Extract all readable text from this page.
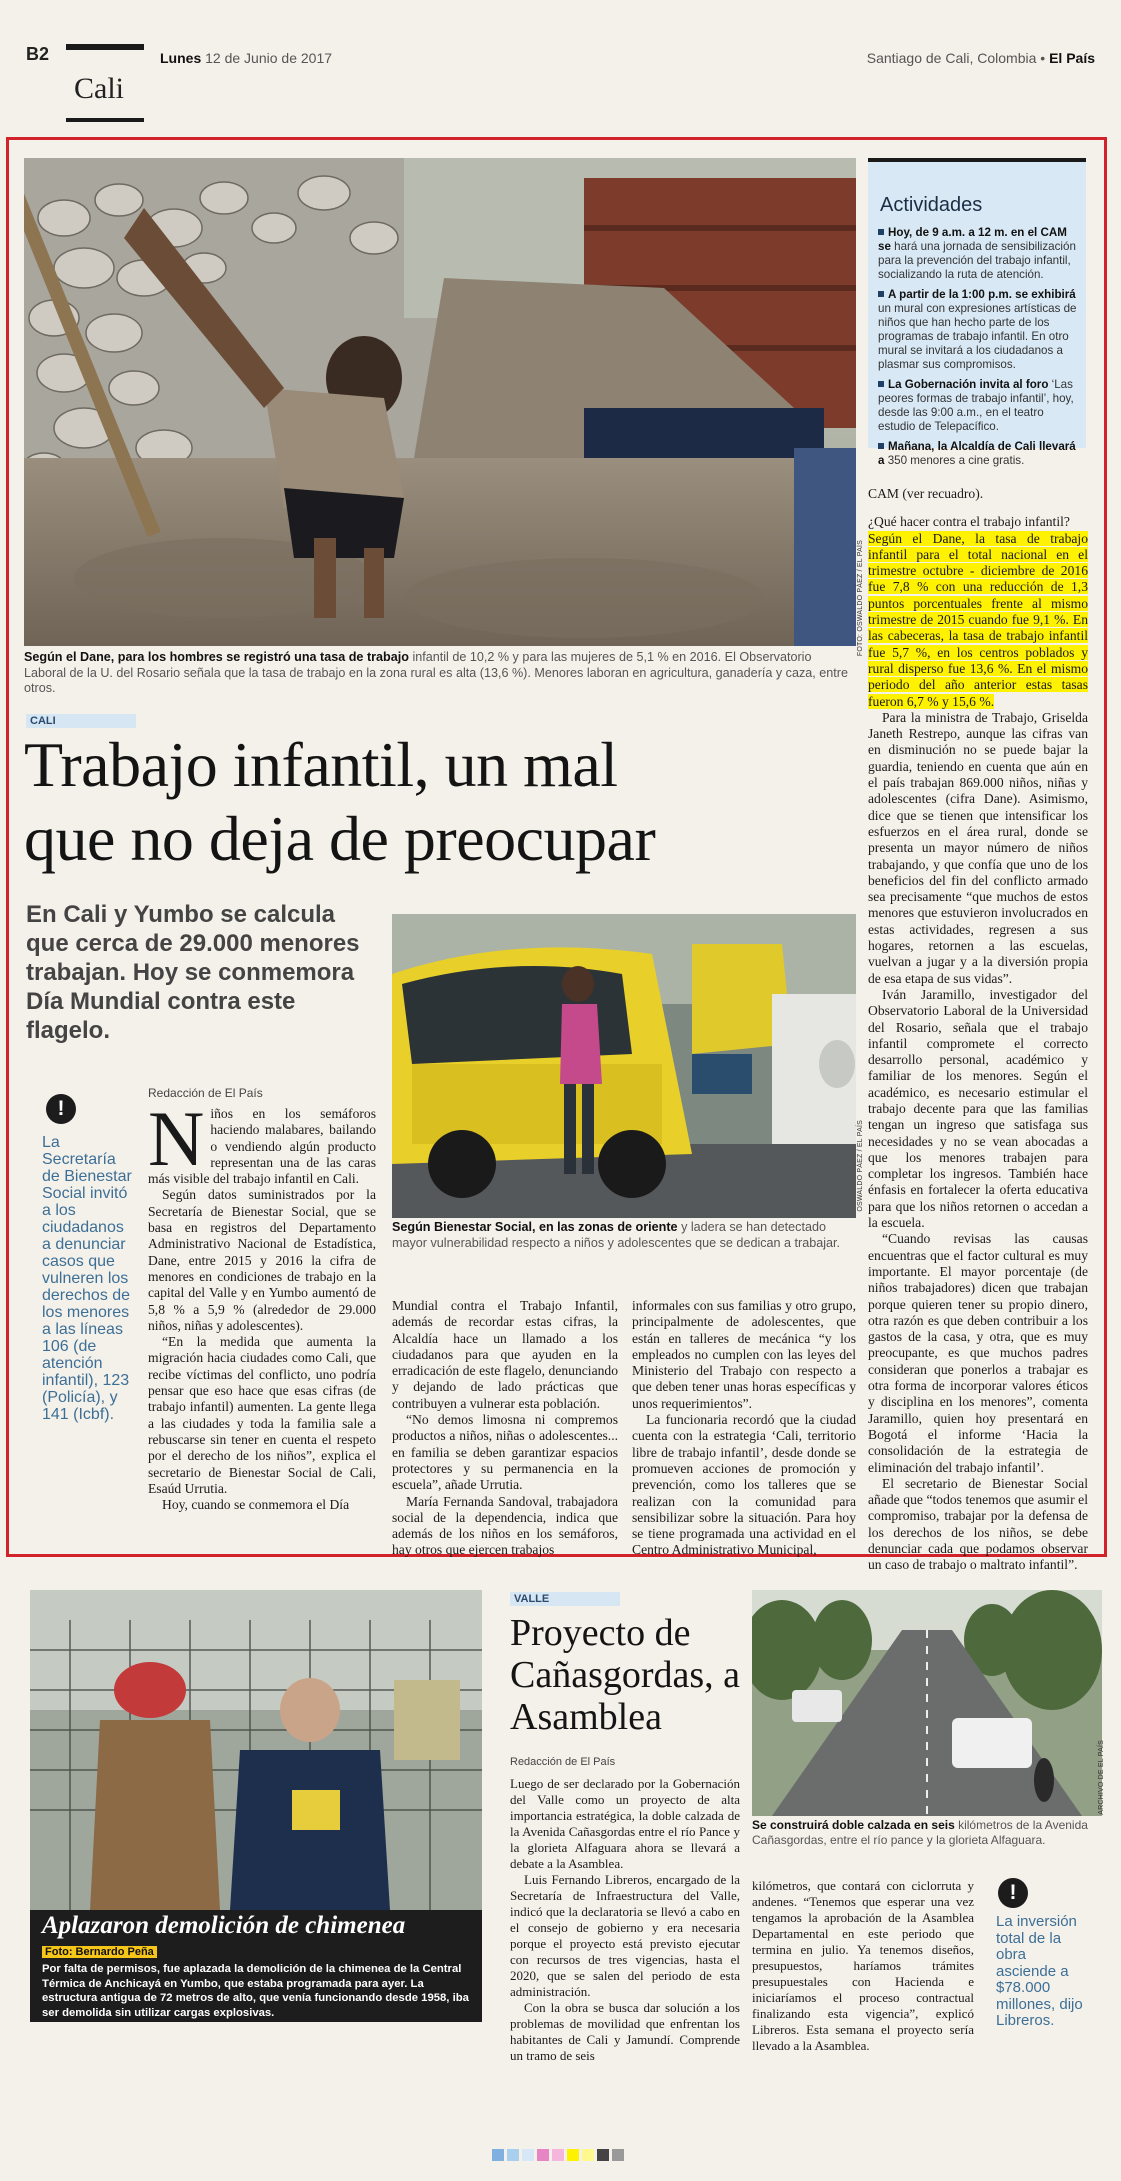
B2
Cali
Lunes 12 de Junio de 2017	Santiago de Cali, Colombia • El País
FOTO: OSWALDO PÁEZ / EL PAÍS
Actividades
Hoy, de 9 a.m. a 12 m. en el CAM se hará una jornada de sensibilización para la prevención del trabajo infantil, socializando la ruta de atención.
A partir de la 1:00 p.m. se exhibirá un mural con expresiones artísticas de niños que han hecho parte de los programas de trabajo infantil. En otro mural se invitará a los ciudadanos a plasmar sus compromisos.
La Gobernación invita al foro ‘Las peores formas de trabajo infantil’, hoy, desde las 9:00 a.m., en el teatro estudio de Telepacífico.
Mañana, la Alcaldía de Cali llevará a 350 menores a cine gratis.
Según el Dane, para los hombres se registró una tasa de trabajo infantil de 10,2 % y para las mujeres de 5,1 % en 2016. El Observatorio Laboral de la U. del Rosario señala que la tasa de trabajo en la zona rural es alta (13,6 %). Menores laboran en agricultura, ganadería y caza, entre otros.
CALI
Trabajo infantil, un mal
que no deja de preocupar
En Cali y Yumbo se calcula que cerca de 29.000 menores trabajan. Hoy se conmemora Día Mundial contra este flagelo.
OSWALDO PÁEZ / EL PAÍS
Según Bienestar Social, en las zonas de oriente y ladera se han detectado mayor vulnerabilidad respecto a niños y adolescentes que se dedican a trabajar.
Redacción de El País
!
La Secretaría de Bienestar Social invitó a los ciudadanos a denunciar casos que vulneren los derechos de los menores a las líneas 106 (de atención infantil), 123 (Policía), y 141 (Icbf).
N iños en los semáforos haciendo malabares, bailando o vendiendo algún producto representan una de las caras más visible del trabajo infantil en Cali.

Según datos suministrados por la Secretaría de Bienestar Social, que se basa en registros del Departamento Administrativo Nacional de Estadística, Dane, entre 2015 y 2016 la cifra de menores en condiciones de trabajo en la capital del Valle y en Yumbo aumentó de 5,8 % a 5,9 % (alrededor de 29.000 niños, niñas y adolescentes).

“En la medida que aumenta la migración hacia ciudades como Cali, que recibe víctimas del conflicto, uno podría pensar que eso hace que esas cifras (de trabajo infantil) aumenten. La gente llega a las ciudades y toda la familia sale a rebuscarse sin tener en cuenta el respeto por el derecho de los niños”, explica el secretario de Bienestar Social de Cali, Esaúd Urrutia.

Hoy, cuando se conmemora el Día

Mundial contra el Trabajo Infantil, además de recordar estas cifras, la Alcaldía hace un llamado a los ciudadanos para que ayuden en la erradicación de este flagelo, denunciando y dejando de lado prácticas que contribuyen a vulnerar esta población.

“No demos limosna ni compremos productos a niños, niñas o adolescentes... en familia se deben garantizar espacios protectores y su permanencia en la escuela”, añade Urrutia.

María Fernanda Sandoval, trabajadora social de la dependencia, indica que además de los niños en los semáforos, hay otros que ejercen trabajos

informales con sus familias y otro grupo, principalmente de adolescentes, que están en talleres de mecánica “y los empleados no cumplen con las leyes del Ministerio del Trabajo con respecto a que deben tener unas horas específicas y unos requerimientos”.

La funcionaria recordó que la ciudad cuenta con la estrategia ‘Cali, territorio libre de trabajo infantil’, desde donde se promueven acciones de promoción y prevención, como los talleres que se realizan con la comunidad para sensibilizar sobre la situación. Para hoy se tiene programada una actividad en el Centro Administrativo Municipal,

CAM (ver recuadro).

¿Qué hacer contra el trabajo infantil?

Según el Dane, la tasa de trabajo infantil para el total nacional en el trimestre octubre - diciembre de 2016 fue 7,8 % con una reducción de 1,3 puntos porcentuales frente al mismo trimestre de 2015 cuando fue 9,1 %. En las cabeceras, la tasa de trabajo infantil fue 5,7 %, en los centros poblados y rural disperso fue 13,6 %. En el mismo periodo del año anterior estas tasas fueron 6,7 % y 15,6 %.

Para la ministra de Trabajo, Griselda Janeth Restrepo, aunque las cifras van en disminución no se puede bajar la guardia, teniendo en cuenta que aún en el país trabajan 869.000 niños, niñas y adolescentes (cifra Dane). Asimismo, dice que se tienen que intensificar los esfuerzos en el área rural, donde se presenta un mayor número de niños trabajando, y que confía que uno de los beneficios del fin del conflicto armado sea precisamente “que muchos de estos menores que estuvieron involucrados en estas actividades, regresen a sus hogares, retornen a las escuelas, vuelvan a jugar y a la diversión propia de esa etapa de sus vidas”.

Iván Jaramillo, investigador del Observatorio Laboral de la Universidad del Rosario, señala que el trabajo infantil compromete el correcto desarrollo personal, académico y familiar de los menores. Según el académico, es necesario estimular el trabajo decente para que las familias tengan un ingreso que satisfaga sus necesidades y no se vean abocadas a que los menores trabajen para completar los ingresos. También hace énfasis en fortalecer la oferta educativa para que los niños retornen o accedan a la escuela.

“Cuando revisas las causas encuentras que el factor cultural es muy importante. El mayor porcentaje (de niños trabajadores) dicen que trabajan porque quieren tener su propio dinero, otra razón es que deben contribuir a los gastos de la casa, y otra, que es muy preocupante, es que muchos padres consideran que ponerlos a trabajar es otra forma de incorporar valores éticos y disciplina en los menores”, comenta Jaramillo, quien hoy presentará en Bogotá el informe ‘Hacia la consolidación de la estrategia de eliminación del trabajo infantil’.

El secretario de Bienestar Social añade que “todos tenemos que asumir el compromiso, trabajar por la defensa de los derechos de los niños, se debe denunciar cada que podamos observar un caso de trabajo o maltrato infantil”.

Aplazaron demolición de chimenea
Foto: Bernardo Peña
Por falta de permisos, fue aplazada la demolición de la chimenea de la Central Térmica de Anchicayá en Yumbo, que estaba programada para ayer. La estructura antigua de 72 metros de alto, que venía funcionando desde 1958, iba ser demolida sin utilizar cargas explosivas.
VALLE
Proyecto de Cañasgordas, a Asamblea
Redacción de El País

Luego de ser declarado por la Gobernación del Valle como un proyecto de alta importancia estratégica, la doble calzada de la Avenida Cañasgordas entre el río Pance y la glorieta Alfaguara ahora se llevará a debate a la Asamblea.

Luis Fernando Libreros, encargado de la Secretaría de Infraestructura del Valle, indicó que la declaratoria se llevó a cabo en el consejo de gobierno y era necesaria porque el proyecto está previsto ejecutar con recursos de tres vigencias, hasta el 2020, que se salen del periodo de esta administración.

Con la obra se busca dar solución a los problemas de movilidad que enfrentan los habitantes de Cali y Jamundí. Comprende un tramo de seis

kilómetros, que contará con ciclorruta y andenes. “Tenemos que esperar una vez tengamos la aprobación de la Asamblea Departamental en este periodo que termina en julio. Ya tenemos diseños, presupuestos, haríamos trámites presupuestales con Hacienda e iniciaríamos el proceso contractual finalizando esta vigencia”, explicó Libreros. Esta semana el proyecto sería llevado a la Asamblea.

ARCHIVO DE EL PAÍS
Se construirá doble calzada en seis kilómetros de la Avenida Cañasgordas, entre el río pance y la glorieta Alfaguara.
!
La inversión total de la obra asciende a $78.000 millones, dijo Libreros.
